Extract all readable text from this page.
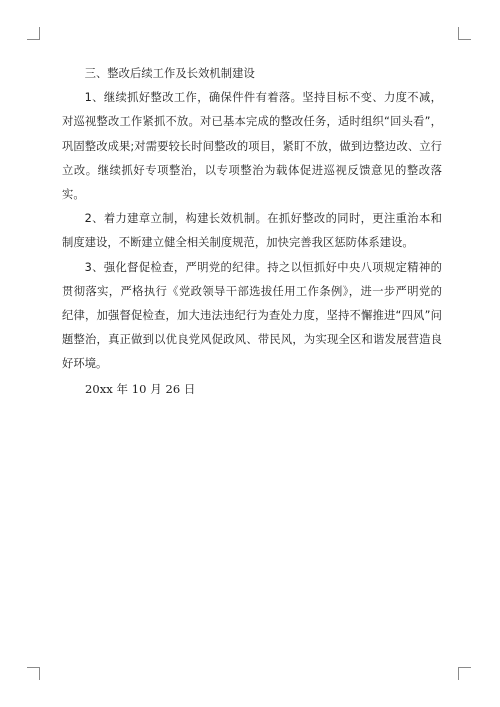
三、整改后续工作及长效机制建设

1、继续抓好整改工作，确保件件有着落。坚持目标不变、力度不减，对巡视整改工作紧抓不放。对已基本完成的整改任务，适时组织“回头看”，巩固整改成果;对需要较长时间整改的项目，紧盯不放，做到边整边改、立行立改。继续抓好专项整治，以专项整治为载体促进巡视反馈意见的整改落实。

2、着力建章立制，构建长效机制。在抓好整改的同时，更注重治本和制度建设，不断建立健全相关制度规范，加快完善我区惩防体系建设。

3、强化督促检查，严明党的纪律。持之以恒抓好中央八项规定精神的贯彻落实，严格执行《党政领导干部选拔任用工作条例》，进一步严明党的纪律，加强督促检查，加大违法违纪行为查处力度，坚持不懈推进“四风”问题整治，真正做到以优良党风促政风、带民风，为实现全区和谐发展营造良好环境。

20xx 年 10 月 26 日
